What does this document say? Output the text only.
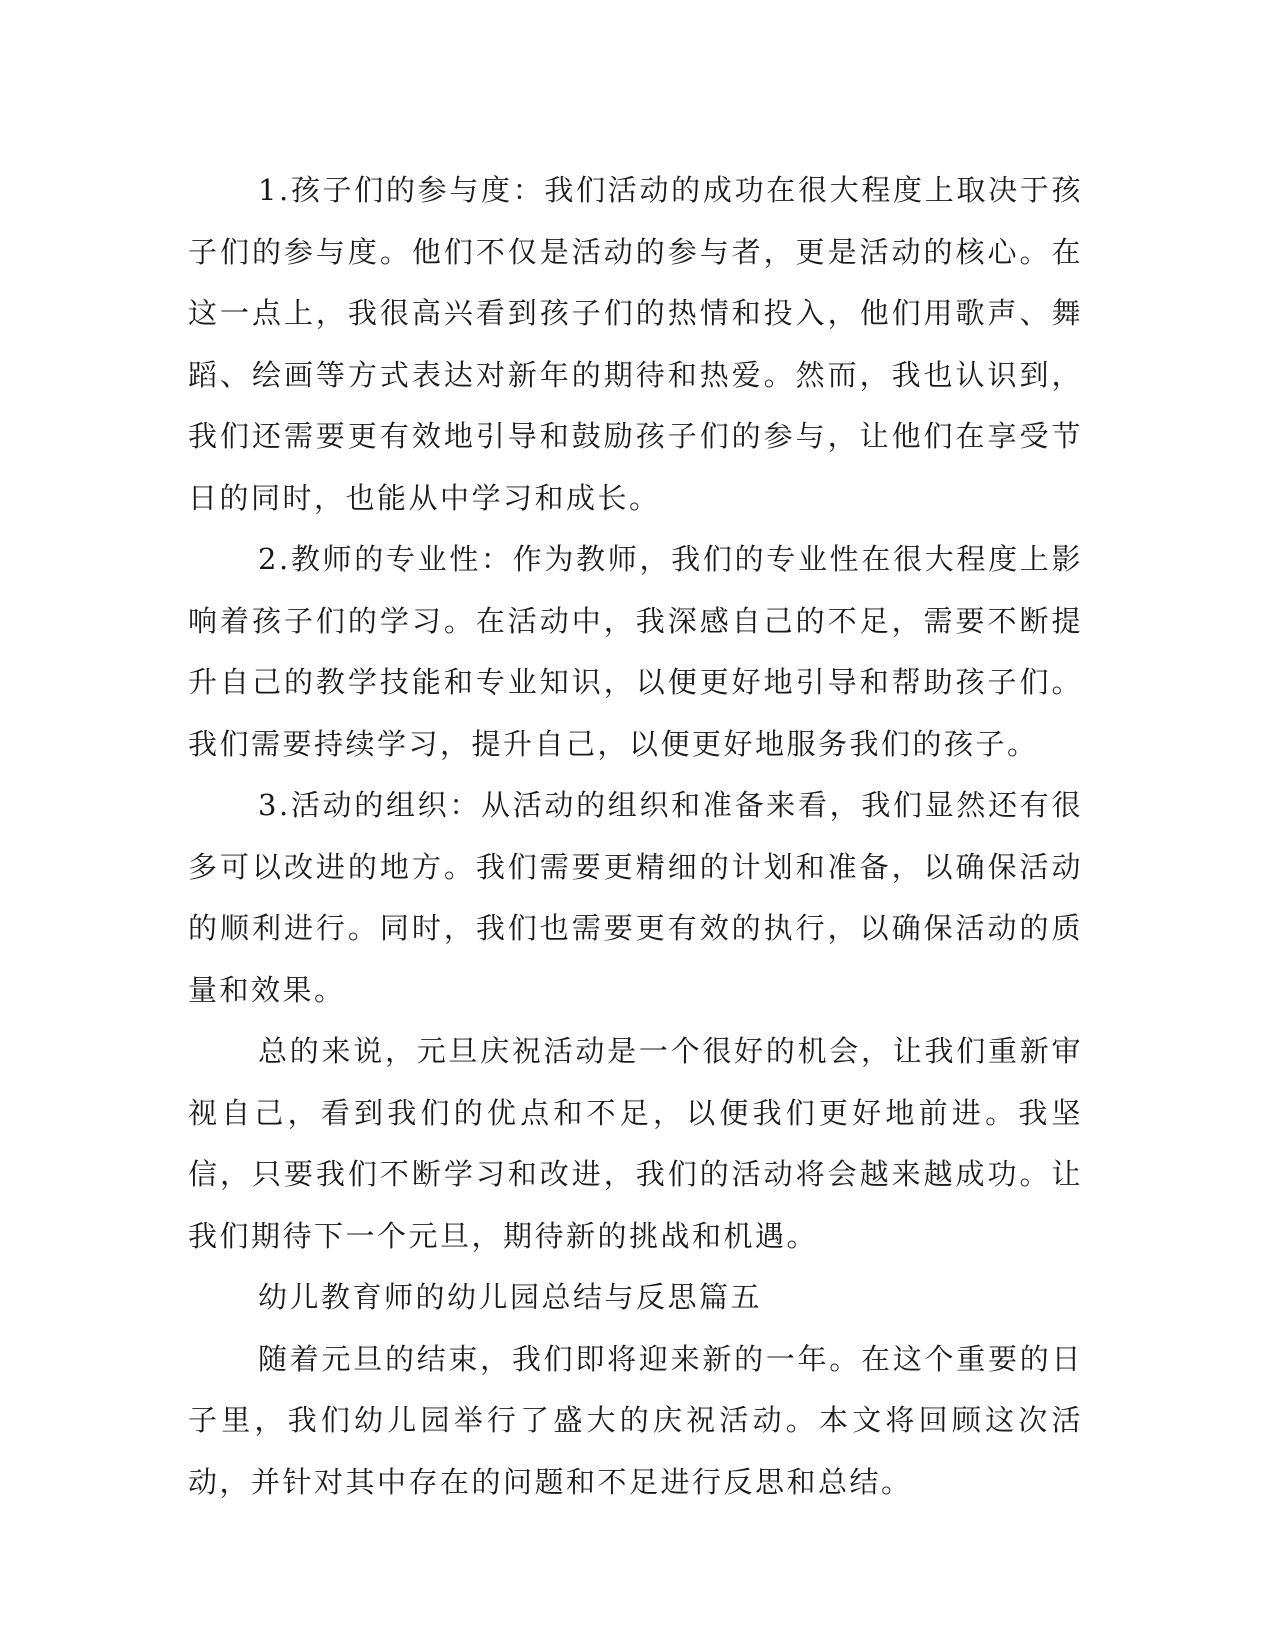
1.孩子们的参与度：我们活动的成功在很大程度上取决于孩子们的参与度。他们不仅是活动的参与者，更是活动的核心。在这一点上，我很高兴看到孩子们的热情和投入，他们用歌声、舞蹈、绘画等方式表达对新年的期待和热爱。然而，我也认识到，我们还需要更有效地引导和鼓励孩子们的参与，让他们在享受节日的同时，也能从中学习和成长。

2.教师的专业性：作为教师，我们的专业性在很大程度上影响着孩子们的学习。在活动中，我深感自己的不足，需要不断提升自己的教学技能和专业知识，以便更好地引导和帮助孩子们。我们需要持续学习，提升自己，以便更好地服务我们的孩子。

3.活动的组织：从活动的组织和准备来看，我们显然还有很多可以改进的地方。我们需要更精细的计划和准备，以确保活动的顺利进行。同时，我们也需要更有效的执行，以确保活动的质量和效果。

总的来说，元旦庆祝活动是一个很好的机会，让我们重新审视自己，看到我们的优点和不足，以便我们更好地前进。我坚信，只要我们不断学习和改进，我们的活动将会越来越成功。让我们期待下一个元旦，期待新的挑战和机遇。

幼儿教育师的幼儿园总结与反思篇五

随着元旦的结束，我们即将迎来新的一年。在这个重要的日子里，我们幼儿园举行了盛大的庆祝活动。本文将回顾这次活动，并针对其中存在的问题和不足进行反思和总结。
